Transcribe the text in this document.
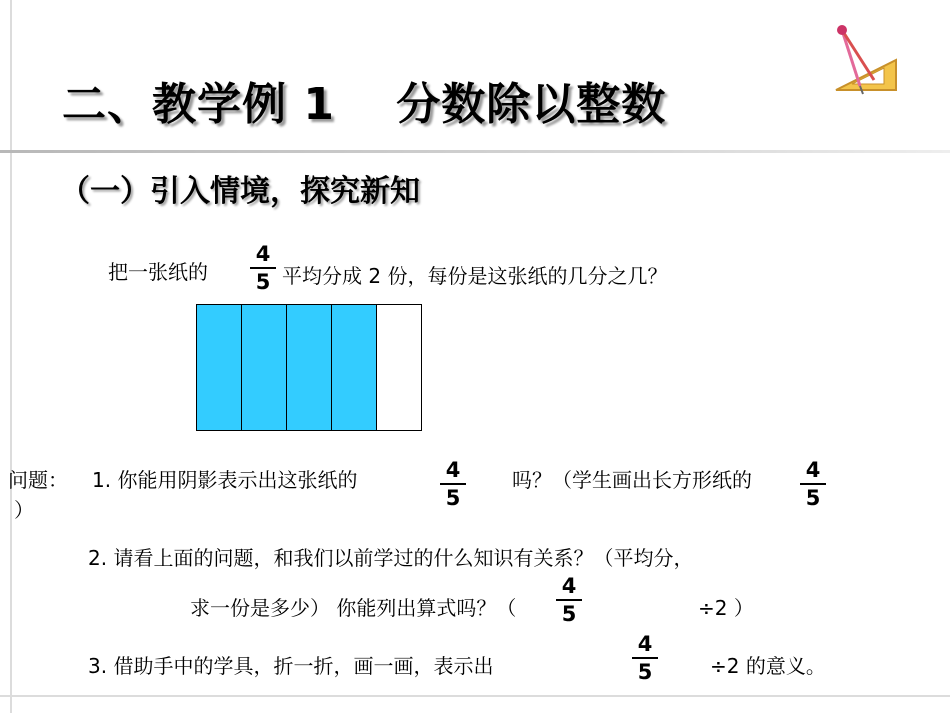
二、教学例 1　 分数除以整数
（一）引入情境，探究新知
把一张纸的
4
5 平均分成 2 份，每份是这张纸的几分之几？
问题： 1. 你能用阴影表示出这张纸的	4
5
吗？（学生画出长方形纸的	4
5
）
2. 请看上面的问题，和我们以前学过的什么知识有关系？（平均分，
求一份是多少） 你能列出算式吗？（
4
5	÷2 ）
3. 借助手中的学具，折一折，画一画，表示出
4
5	÷2 的意义。
